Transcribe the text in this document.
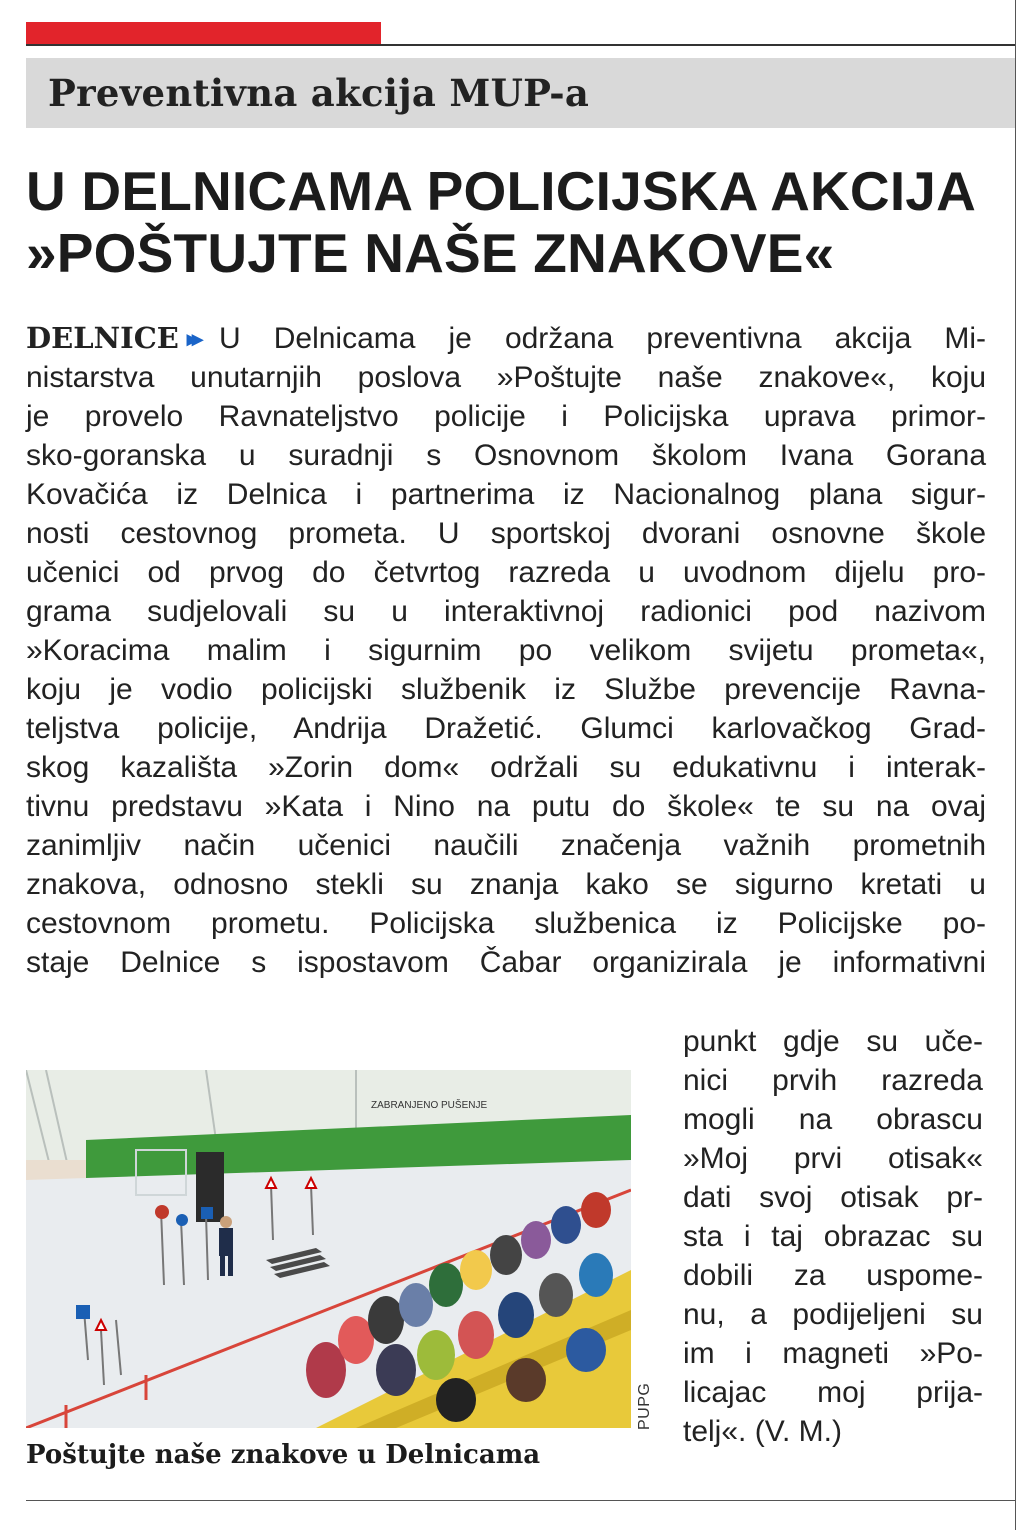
Preventivna akcija MUP-a
U DELNICAMA POLICIJSKA AKCIJA
»POŠTUJTE NAŠE ZNAKOVE«
DELNICE ▸▸ U Delnicama je održana preventivna akcija Mi-
nistarstva unutarnjih poslova »Poštujte naše znakove«, koju
je provelo Ravnateljstvo policije i Policijska uprava primor-
sko-goranska u suradnji s Osnovnom školom Ivana Gorana
Kovačića iz Delnica i partnerima iz Nacionalnog plana sigur-
nosti cestovnog prometa. U sportskoj dvorani osnovne škole
učenici od prvog do četvrtog razreda u uvodnom dijelu pro-
grama sudjelovali su u interaktivnoj radionici pod nazivom
»Koracima malim i sigurnim po velikom svijetu prometa«,
koju je vodio policijski službenik iz Službe prevencije Ravna-
teljstva policije, Andrija Dražetić. Glumci karlovačkog Grad-
skog kazališta »Zorin dom« održali su edukativnu i interak-
tivnu predstavu »Kata i Nino na putu do škole« te su na ovaj
zanimljiv način učenici naučili značenja važnih prometnih
znakova, odnosno stekli su znanja kako se sigurno kretati u
cestovnom prometu. Policijska službenica iz Policijske po-
staje Delnice s ispostavom Čabar organizirala je informativni
punkt gdje su uče-
nici prvih razreda
mogli na obrascu
»Moj prvi otisak«
dati svoj otisak pr-
sta i taj obrazac su
dobili za uspome-
nu, a podijeljeni su
im i magneti »Po-
licajac moj prija-
telj«. (V. M.)
ZABRANJENO PUŠENJE
PUPG

Poštujte naše znakove u Delnicama
